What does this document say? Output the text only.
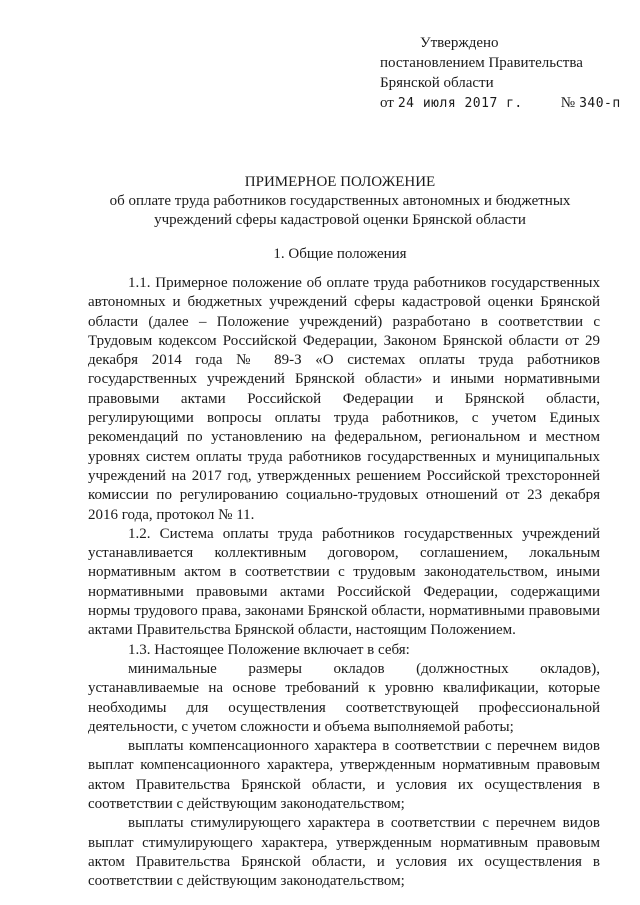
Утверждено
постановлением Правительства
Брянской области
от 24 июля 2017 г.	№ 340-п
ПРИМЕРНОЕ ПОЛОЖЕНИЕ
об оплате труда работников государственных автономных и бюджетных
учреждений сферы кадастровой оценки Брянской области
1. Общие положения

1.1. Примерное положение об оплате труда работников государственных автономных и бюджетных учреждений сферы кадастровой оценки Брянской области (далее – Положение учреждений) разработано в соответствии с Трудовым кодексом Российской Федерации, Законом Брянской области от 29 декабря 2014 года № 89-З «О системах оплаты труда работников государственных учреждений Брянской области» и иными нормативными правовыми актами Российской Федерации и Брянской области, регулирующими вопросы оплаты труда работников, с учетом Единых рекомендаций по установлению на федеральном, региональном и местном уровнях систем оплаты труда работников государственных и муниципальных учреждений на 2017 год, утвержденных решением Российской трехсторонней комиссии по регулированию социально-трудовых отношений от 23 декабря 2016 года, протокол № 11.

1.2. Система оплаты труда работников государственных учреждений устанавливается коллективным договором, соглашением, локальным нормативным актом в соответствии с трудовым законодательством, иными нормативными правовыми актами Российской Федерации, содержащими нормы трудового права, законами Брянской области, нормативными правовыми актами Правительства Брянской области, настоящим Положением.

1.3. Настоящее Положение включает в себя:

минимальные размеры окладов (должностных окладов), устанавливаемые на основе требований к уровню квалификации, которые необходимы для осуществления соответствующей профессиональной деятельности, с учетом сложности и объема выполняемой работы;

выплаты компенсационного характера в соответствии с перечнем видов выплат компенсационного характера, утвержденным нормативным правовым актом Правительства Брянской области, и условия их осуществления в соответствии с действующим законодательством;

выплаты стимулирующего характера в соответствии с перечнем видов выплат стимулирующего характера, утвержденным нормативным правовым актом Правительства Брянской области, и условия их осуществления в соответствии с действующим законодательством;
